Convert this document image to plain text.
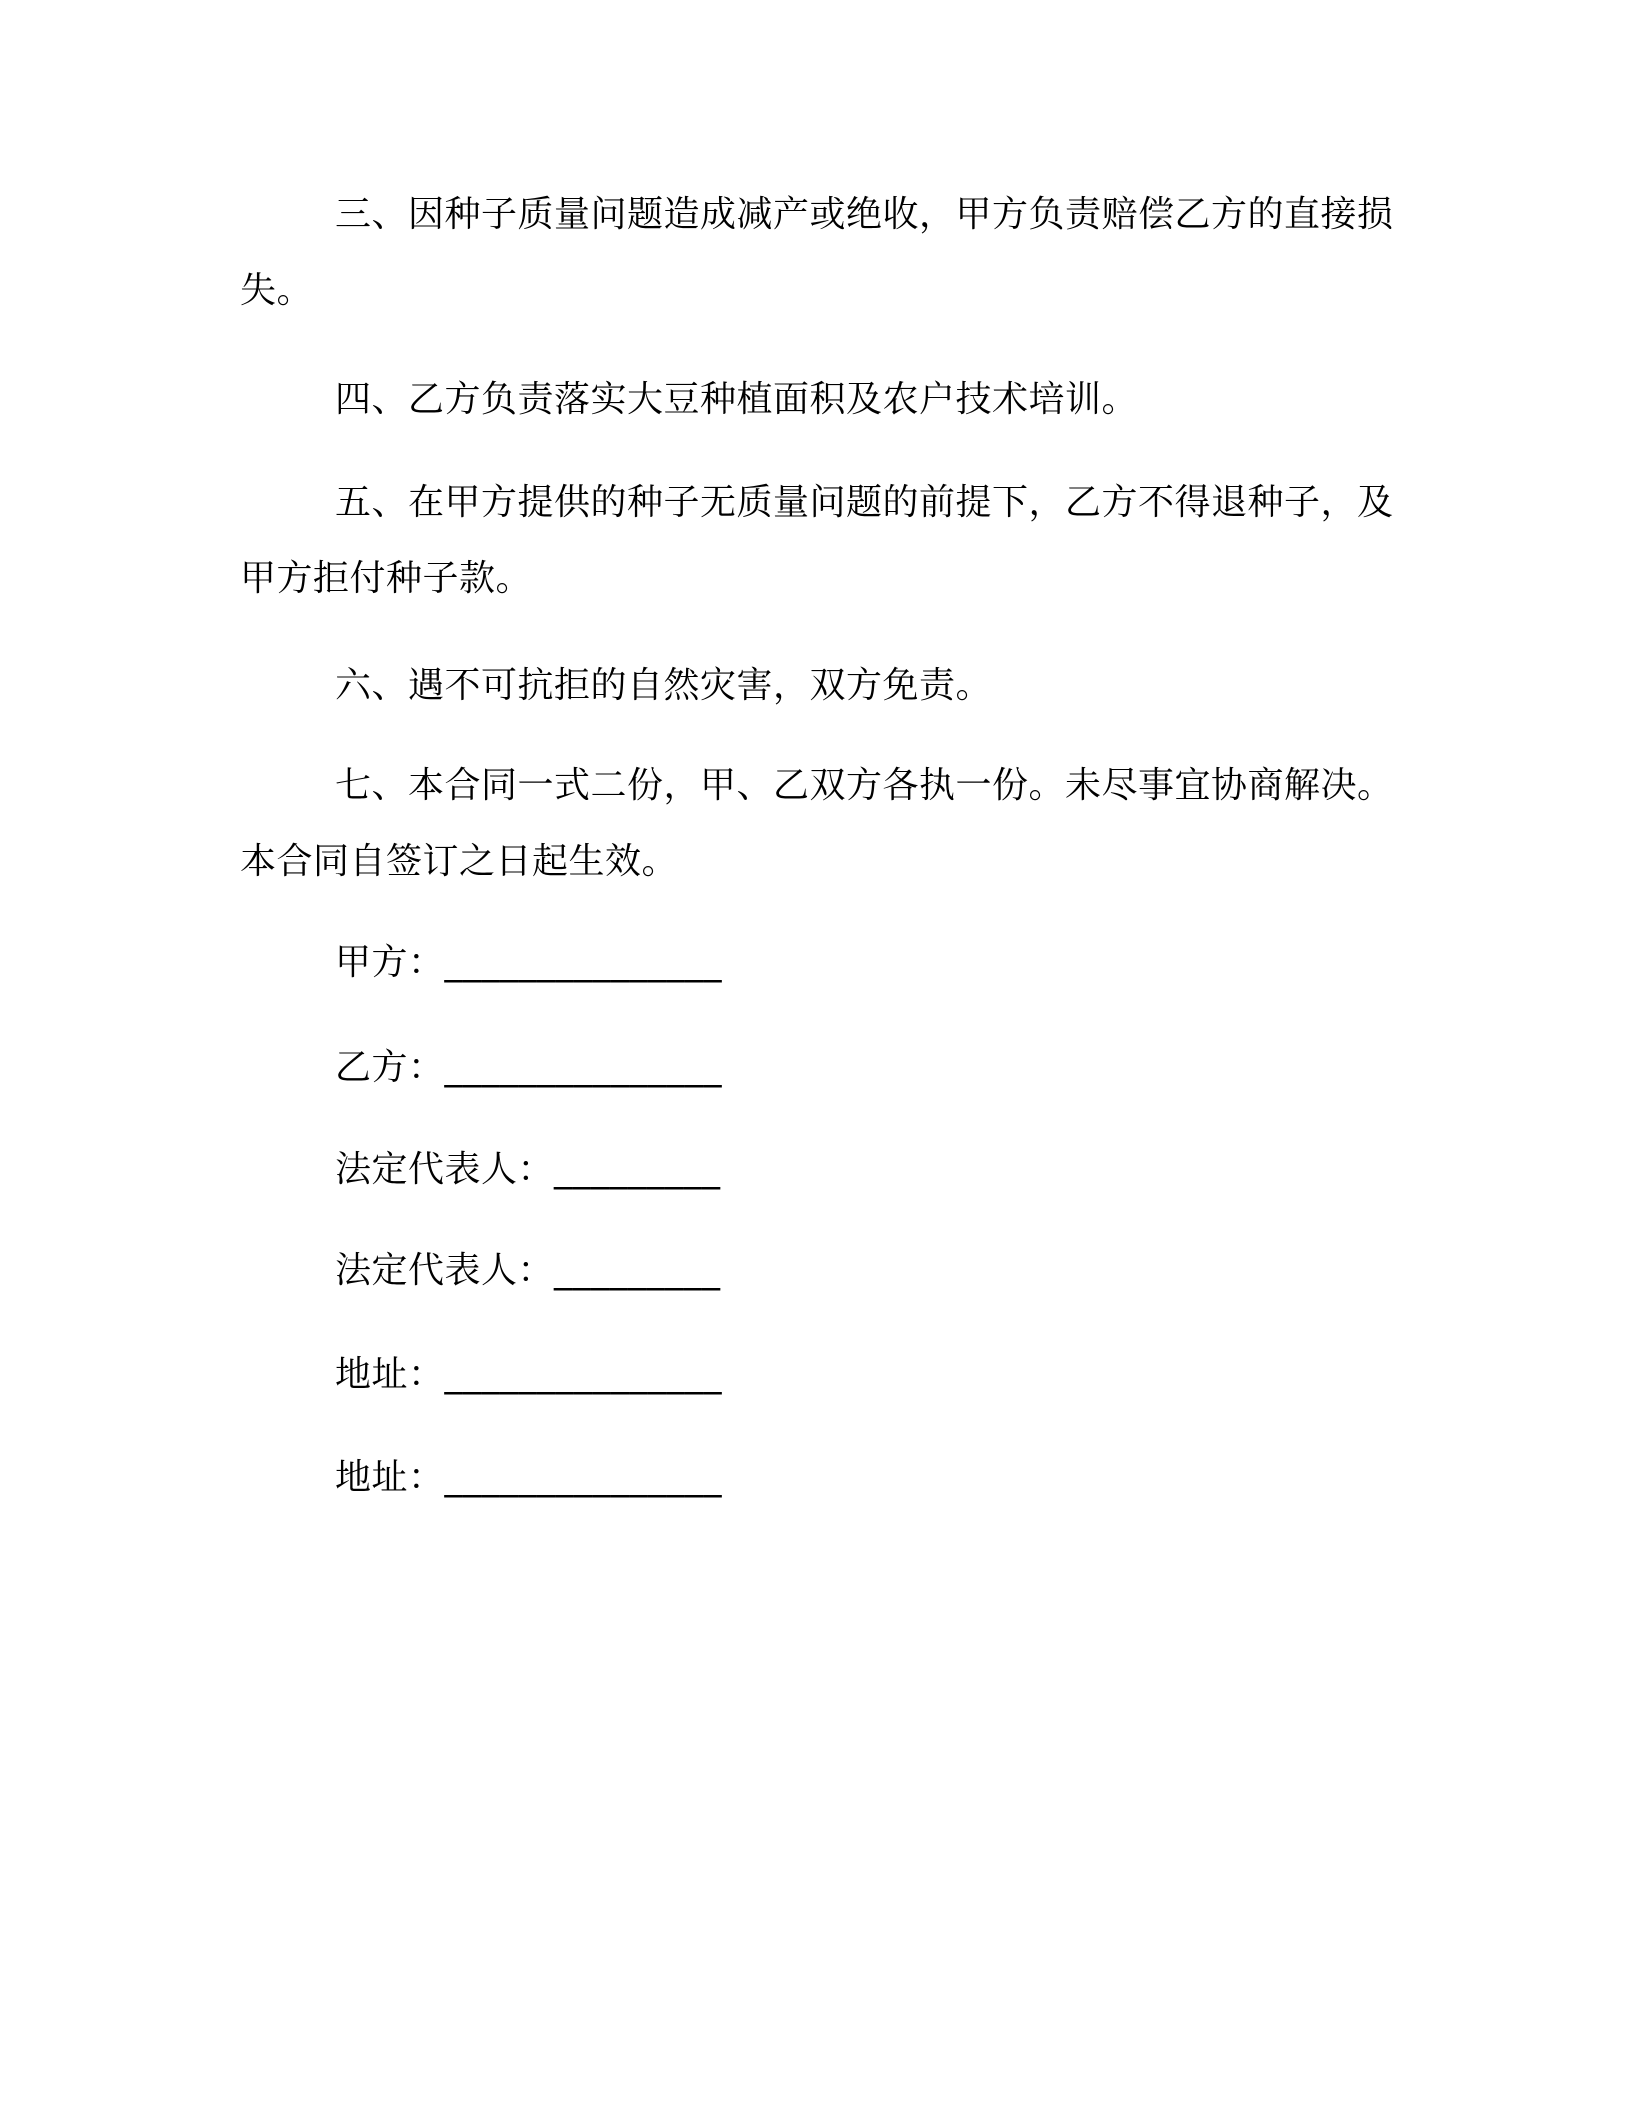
三、因种子质量问题造成减产或绝收，甲方负责赔偿乙方的直接损失。

四、乙方负责落实大豆种植面积及农户技术培训。

五、在甲方提供的种子无质量问题的前提下，乙方不得退种子，及甲方拒付种子款。

六、遇不可抗拒的自然灾害，双方免责。

七、本合同一式二份，甲、乙双方各执一份。未尽事宜协商解决。本合同自签订之日起生效。

甲方：_______________

乙方：_______________

法定代表人：_________

法定代表人：_________

地址：_______________

地址：_______________
